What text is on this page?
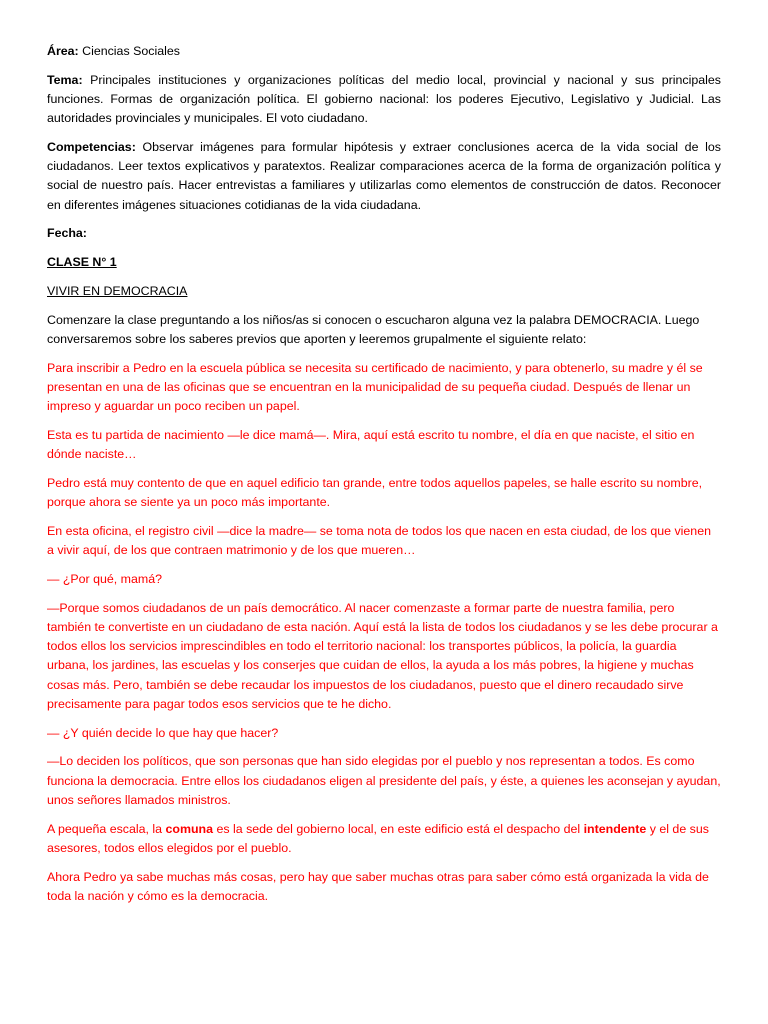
Área: Ciencias Sociales

Tema: Principales instituciones y organizaciones políticas del medio local, provincial y nacional y sus principales funciones. Formas de organización política. El gobierno nacional: los poderes Ejecutivo, Legislativo y Judicial. Las autoridades provinciales y municipales. El voto ciudadano.

Competencias: Observar imágenes para formular hipótesis y extraer conclusiones acerca de la vida social de los ciudadanos. Leer textos explicativos y paratextos. Realizar comparaciones acerca de la forma de organización política y social de nuestro país. Hacer entrevistas a familiares y utilizarlas como elementos de construcción de datos. Reconocer en diferentes imágenes situaciones cotidianas de la vida ciudadana.

Fecha:

CLASE N° 1

VIVIR EN DEMOCRACIA

Comenzare la clase preguntando a los niños/as si conocen o escucharon alguna vez la palabra DEMOCRACIA. Luego conversaremos sobre los saberes previos que aporten y leeremos grupalmente el siguiente relato:

Para inscribir a Pedro en la escuela pública se necesita su certificado de nacimiento, y para obtenerlo, su madre y él se presentan en una de las oficinas que se encuentran en la municipalidad de su pequeña ciudad. Después de llenar un impreso y aguardar un poco reciben un papel.

Esta es tu partida de nacimiento —le dice mamá—. Mira, aquí está escrito tu nombre, el día en que naciste, el sitio en dónde naciste…

Pedro está muy contento de que en aquel edificio tan grande, entre todos aquellos papeles, se halle escrito su nombre, porque ahora se siente ya un poco más importante.

En esta oficina, el registro civil —dice la madre— se toma nota de todos los que nacen en esta ciudad, de los que vienen a vivir aquí, de los que contraen matrimonio y de los que mueren…

— ¿Por qué, mamá?

—Porque somos ciudadanos de un país democrático. Al nacer comenzaste a formar parte de nuestra familia, pero también te convertiste en un ciudadano de esta nación. Aquí está la lista de todos los ciudadanos y se les debe procurar a todos ellos los servicios imprescindibles en todo el territorio nacional: los transportes públicos, la policía, la guardia urbana, los jardines, las escuelas y los conserjes que cuidan de ellos, la ayuda a los más pobres, la higiene y muchas cosas más. Pero, también se debe recaudar los impuestos de los ciudadanos, puesto que el dinero recaudado sirve precisamente para pagar todos esos servicios que te he dicho.

— ¿Y quién decide lo que hay que hacer?

—Lo deciden los políticos, que son personas que han sido elegidas por el pueblo y nos representan a todos. Es como funciona la democracia. Entre ellos los ciudadanos eligen al presidente del país, y éste, a quienes les aconsejan y ayudan, unos señores llamados ministros.

A pequeña escala, la comuna es la sede del gobierno local, en este edificio está el despacho del intendente y el de sus asesores, todos ellos elegidos por el pueblo.

Ahora Pedro ya sabe muchas más cosas, pero hay que saber muchas otras para saber cómo está organizada la vida de toda la nación y cómo es la democracia.
